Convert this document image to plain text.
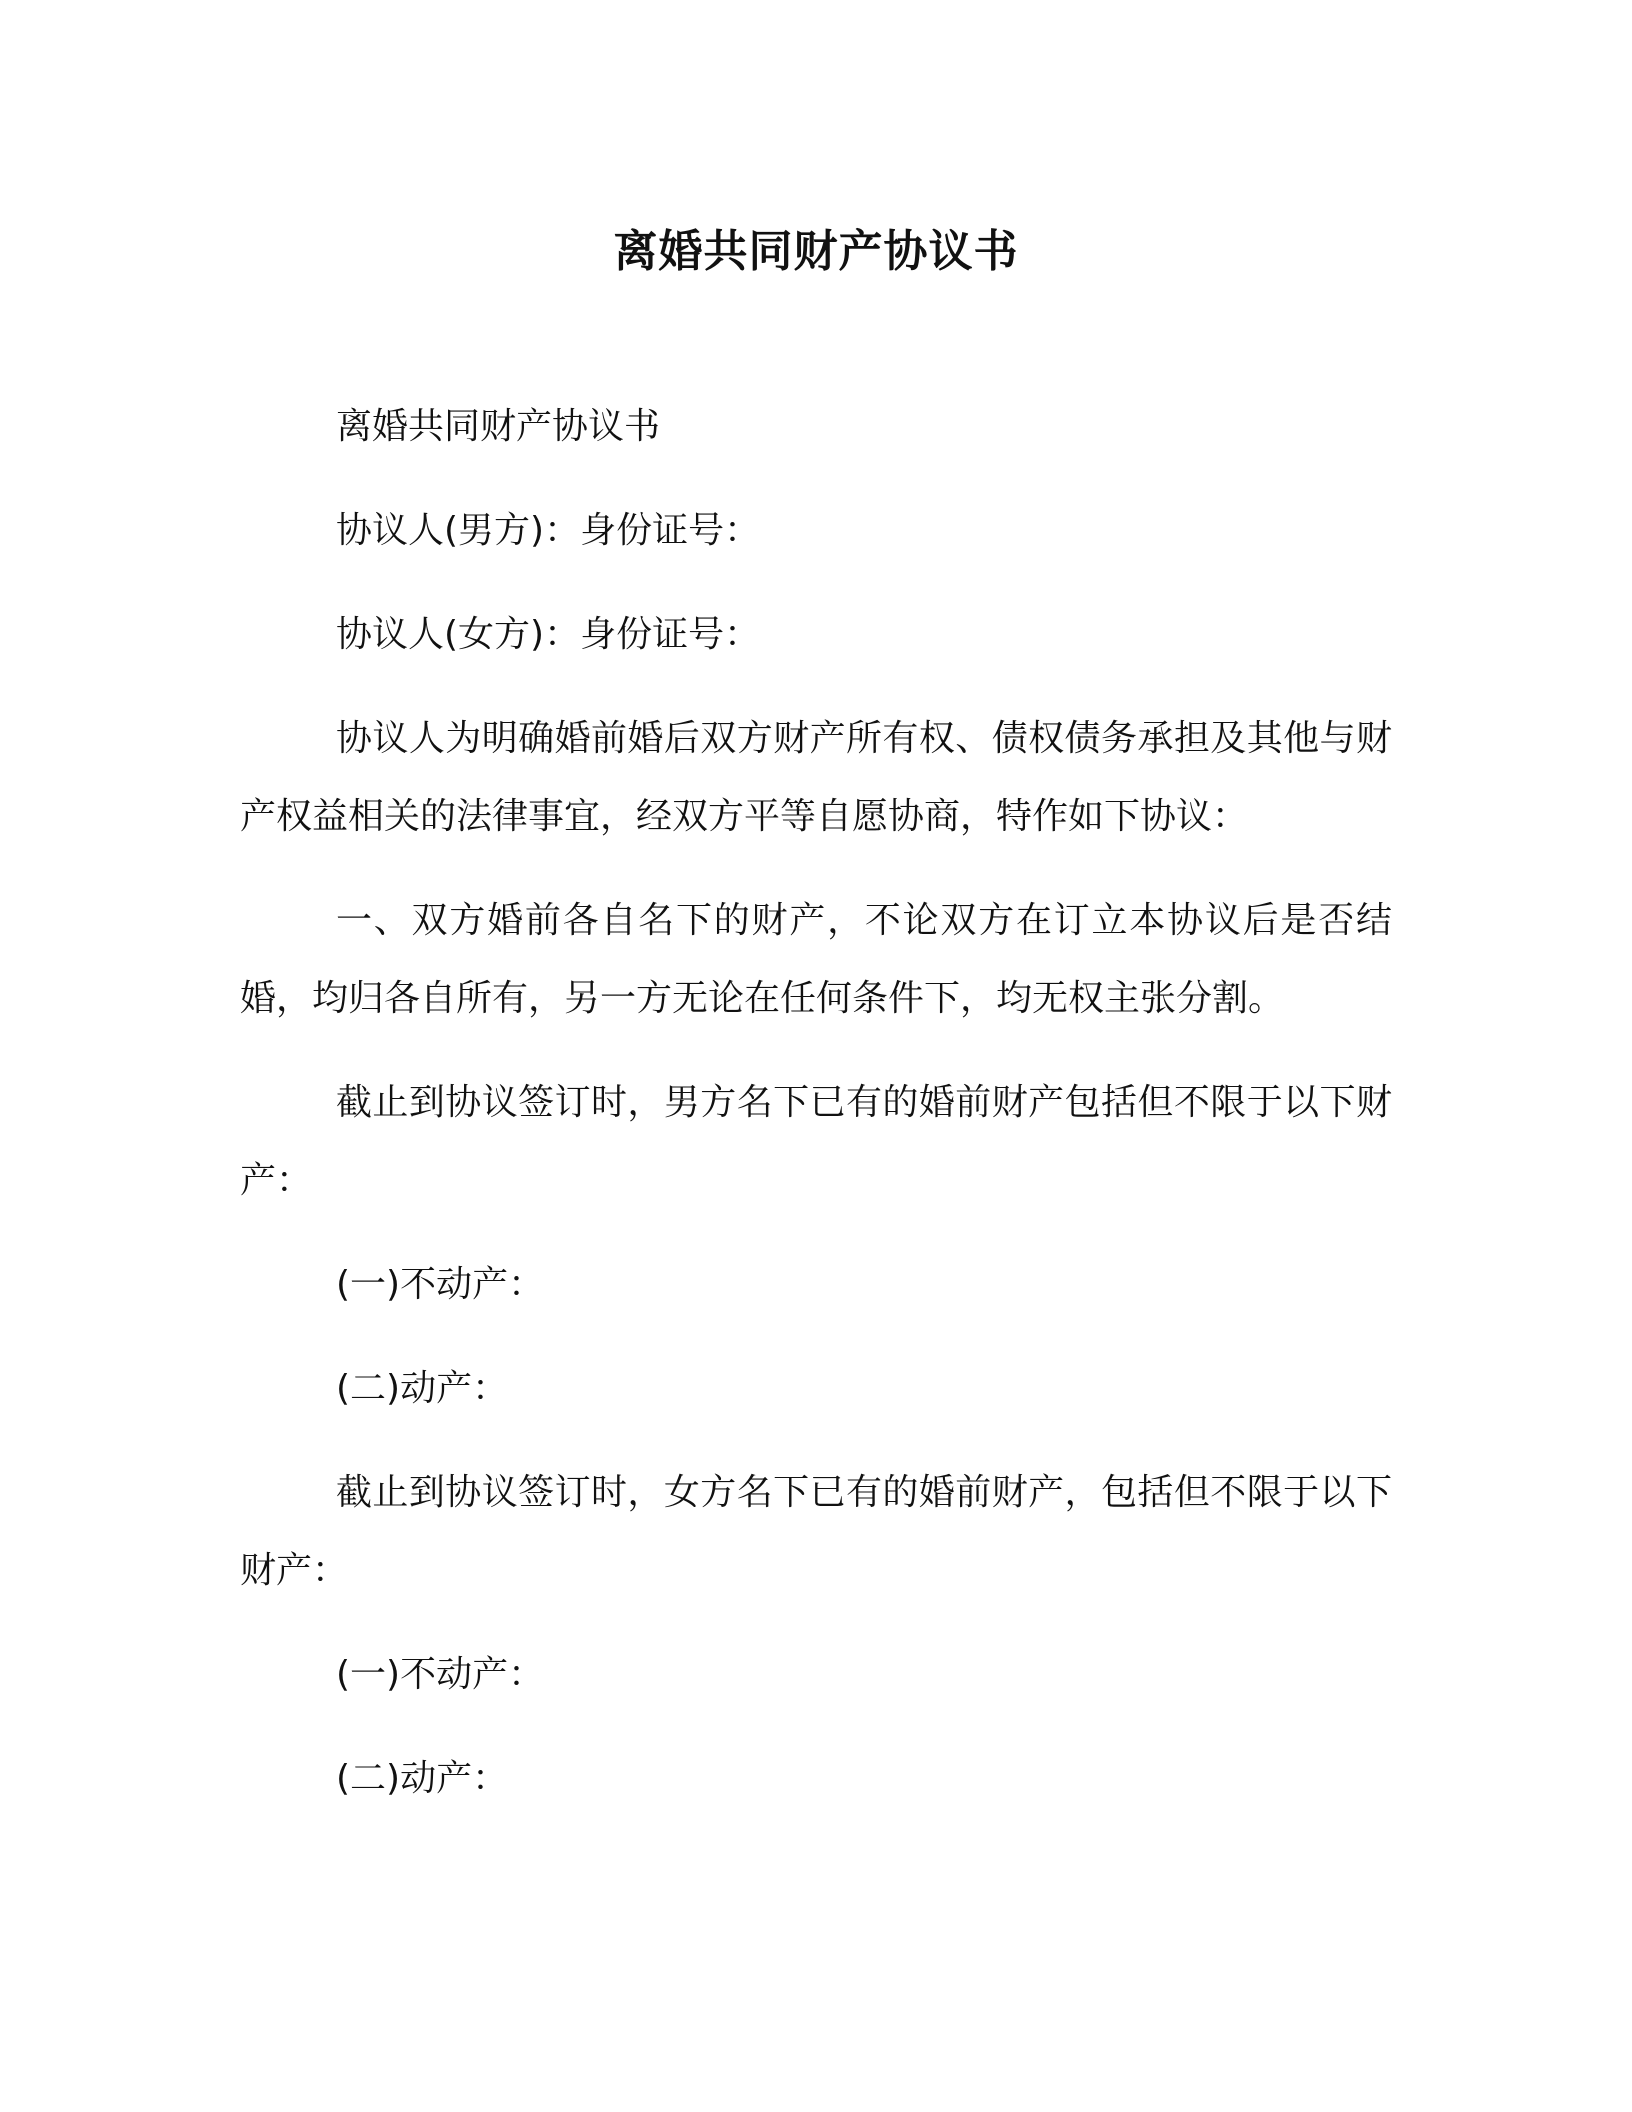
离婚共同财产协议书

离婚共同财产协议书

协议人(男方)：身份证号：

协议人(女方)：身份证号：

协议人为明确婚前婚后双方财产所有权、债权债务承担及其他与财产权益相关的法律事宜，经双方平等自愿协商，特作如下协议：

一、双方婚前各自名下的财产，不论双方在订立本协议后是否结婚，均归各自所有，另一方无论在任何条件下，均无权主张分割。

截止到协议签订时，男方名下已有的婚前财产包括但不限于以下财产：

(一)不动产：

(二)动产：

截止到协议签订时，女方名下已有的婚前财产，包括但不限于以下财产：

(一)不动产：

(二)动产：
